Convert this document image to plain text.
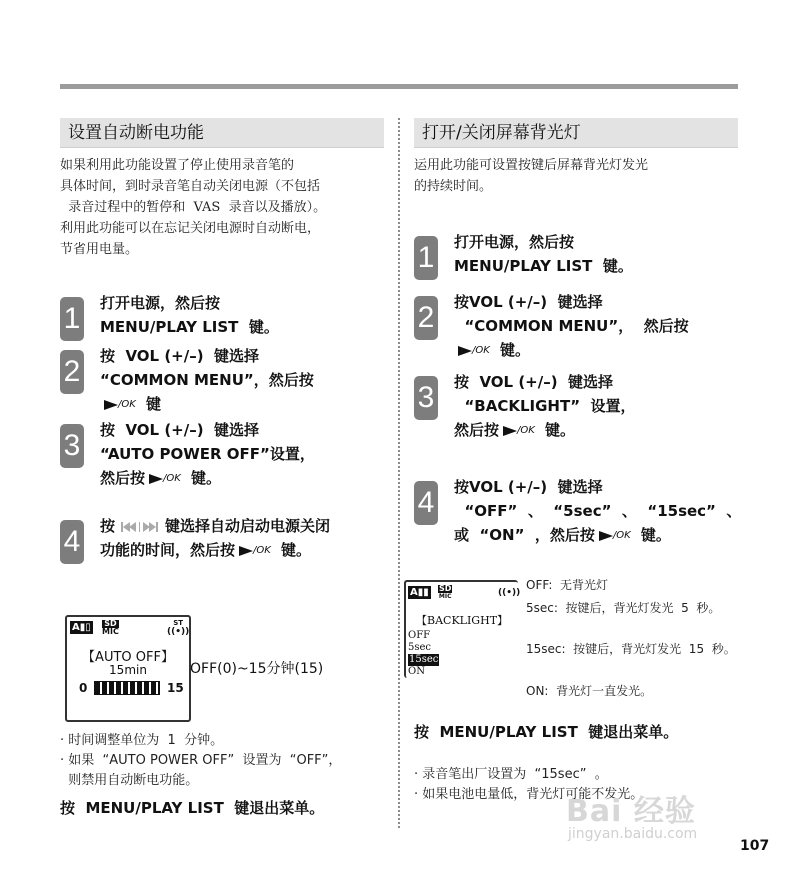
设置自动断电功能
如果利用此功能设置了停止使用录音笔的
具体时间，到时录音笔自动关闭电源（不包括
录音过程中的暂停和  VAS  录音以及播放）。
利用此功能可以在忘记关闭电源时自动断电，
节省用电量。
1 打开电源，然后按
MENU/PLAY LIST  键。
2 按  VOL (+/–)  键选择
“COMMON MENU”，然后按
/OK 键
3 按  VOL (+/–)  键选择
“AUTO POWER OFF”设置，
然后按 /OK 键。
4 按	键选择自动启动电源关闭
功能的时间，然后按 /OK 键。
A▮▯ SD
MIC
ST
((•))
【AUTO OFF】
15min
0	15
OFF(0)~15分钟(15)
· 时间调整单位为  1  分钟。
· 如果  “AUTO POWER OFF”  设置为  “OFF”，
则禁用自动断电功能。
按  MENU/PLAY LIST  键退出菜单。
打开/关闭屏幕背光灯
运用此功能可设置按键后屏幕背光灯发光
的持续时间。
1 打开电源，然后按
MENU/PLAY LIST  键。
2 按VOL (+/–)  键选择
“COMMON MENU”，  然后按
/OK 键。
3 按  VOL (+/–)  键选择
“BACKLIGHT”  设置，
然后按 /OK 键。
4 按VOL (+/–)  键选择
“OFF”  、  “5sec”  、  “15sec”  、
或  “ON”  ，然后按 /OK 键。
A▮▮ SD
MIC	((•))
【BACKLIGHT】
OFF
5sec
15sec
ON
OFF:  无背光灯
5sec:  按键后，背光灯发光  5  秒。
15sec:  按键后，背光灯发光  15  秒。
ON:  背光灯一直发光。
按  MENU/PLAY LIST  键退出菜单。
· 录音笔出厂设置为  “15sec”  。
· 如果电池电量低，背光灯可能不发光。
Bai 经验
jingyan.baidu.com
107
